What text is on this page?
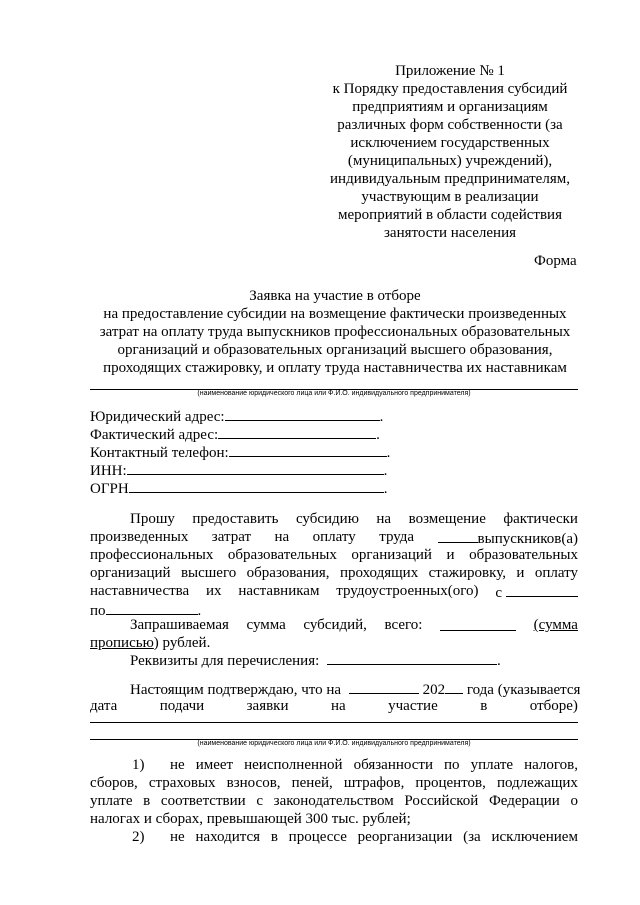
Приложение № 1
к Порядку предоставления субсидий
предприятиям и организациям
различных форм собственности (за
исключением государственных
(муниципальных) учреждений),
индивидуальным предпринимателям,
участвующим в реализации
мероприятий в области содействия
занятости населения
Форма
Заявка на участие в отборе
на предоставление субсидии на возмещение фактически произведенных
затрат на оплату труда выпускников профессиональных образовательных
организаций и образовательных организаций высшего образования,
проходящих стажировку, и оплату труда наставничества их наставникам
(наименование юридического лица или Ф.И.О. индивидуального предпринимателя)
Юридический адрес:	.
Фактический адрес:	.
Контактный телефон:	.
ИНН:	.
ОГРН	.
Прошу предоставить субсидию на возмещение фактически
произведенных затрат на оплату труда	выпускников(а)
профессиональных образовательных организаций и образовательных
организаций высшего образования, проходящих стажировку, и оплату
наставничества их наставникам трудоустроенных(ого) с
по	.
Запрашиваемая сумма субсидий, всего:	(сумма
прописью) рублей.
Реквизиты для перечисления:	.
Настоящим подтверждаю, что на	202 года (указывается
дата	подачи	заявки	на	участие	в	отборе)
(наименование юридического лица или Ф.И.О. индивидуального предпринимателя)
1) не имеет неисполненной обязанности по уплате налогов,
сборов, страховых взносов, пеней, штрафов, процентов, подлежащих
уплате в соответствии с законодательством Российской Федерации о
налогах и сборах, превышающей 300 тыс. рублей;
2) не находится в процессе реорганизации (за исключением
